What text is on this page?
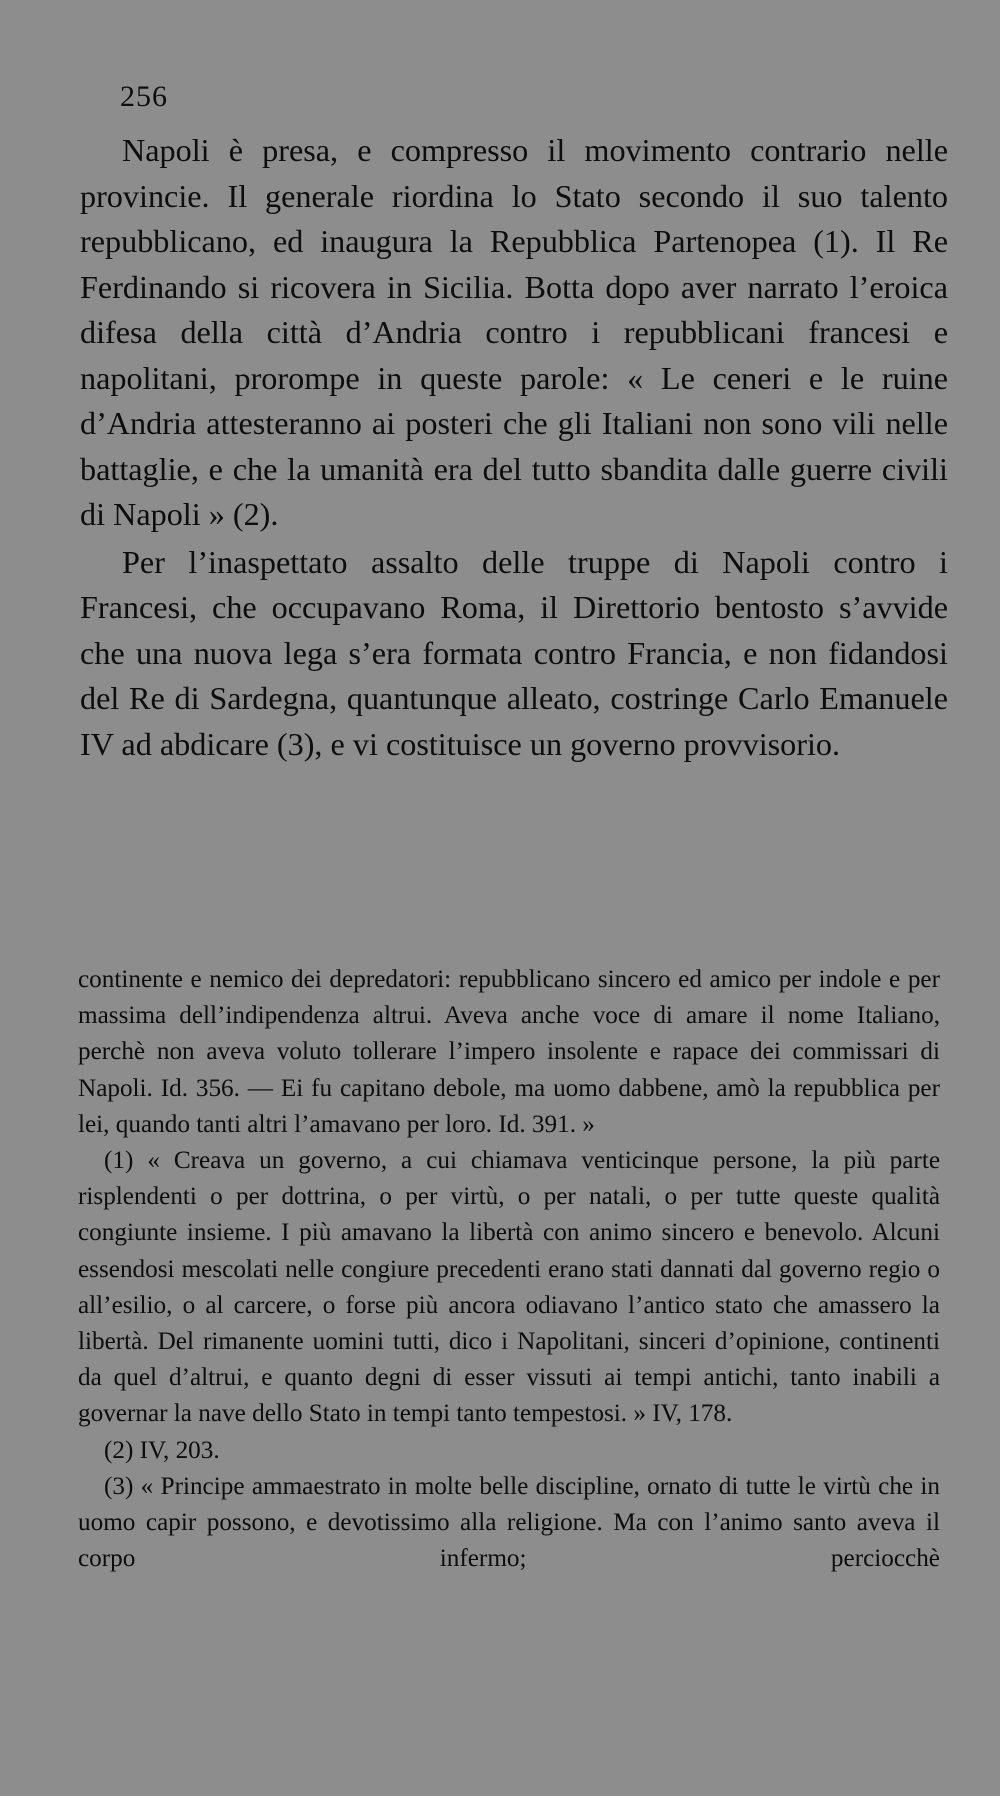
256

Napoli è presa, e compresso il movimento contrario nelle provincie. Il generale riordina lo Stato secondo il suo talento repubblicano, ed inaugura la Repubblica Partenopea (1). Il Re Ferdinando si ricovera in Sicilia. Botta dopo aver narrato l’eroica difesa della città d’Andria contro i repubblicani francesi e napolitani, prorompe in queste parole: « Le ceneri e le ruine d’Andria attesteranno ai posteri che gli Italiani non sono vili nelle battaglie, e che la umanità era del tutto sbandita dalle guerre civili di Napoli » (2).

Per l’inaspettato assalto delle truppe di Napoli contro i Francesi, che occupavano Roma, il Direttorio bentosto s’avvide che una nuova lega s’era formata contro Francia, e non fidandosi del Re di Sardegna, quantunque alleato, costringe Carlo Emanuele IV ad abdicare (3), e vi costituisce un governo provvisorio.

continente e nemico dei depredatori: repubblicano sincero ed amico per indole e per massima dell’indipendenza altrui. Aveva anche voce di amare il nome Italiano, perchè non aveva voluto tollerare l’impero insolente e rapace dei commissari di Napoli. Id. 356. — Ei fu capitano debole, ma uomo dabbene, amò la repubblica per lei, quando tanti altri l’amavano per loro. Id. 391. »

(1) « Creava un governo, a cui chiamava venticinque persone, la più parte risplendenti o per dottrina, o per virtù, o per natali, o per tutte queste qualità congiunte insieme. I più amavano la libertà con animo sincero e benevolo. Alcuni essendosi mescolati nelle congiure precedenti erano stati dannati dal governo regio o all’esilio, o al carcere, o forse più ancora odiavano l’antico stato che amassero la libertà. Del rimanente uomini tutti, dico i Napolitani, sinceri d’opinione, continenti da quel d’altrui, e quanto degni di esser vissuti ai tempi antichi, tanto inabili a governar la nave dello Stato in tempi tanto tempestosi. » IV, 178.

(2) IV, 203.

(3) « Principe ammaestrato in molte belle discipline, ornato di tutte le virtù che in uomo capir possono, e devotissimo alla religione. Ma con l’animo santo aveva il corpo infermo; perciocchè
